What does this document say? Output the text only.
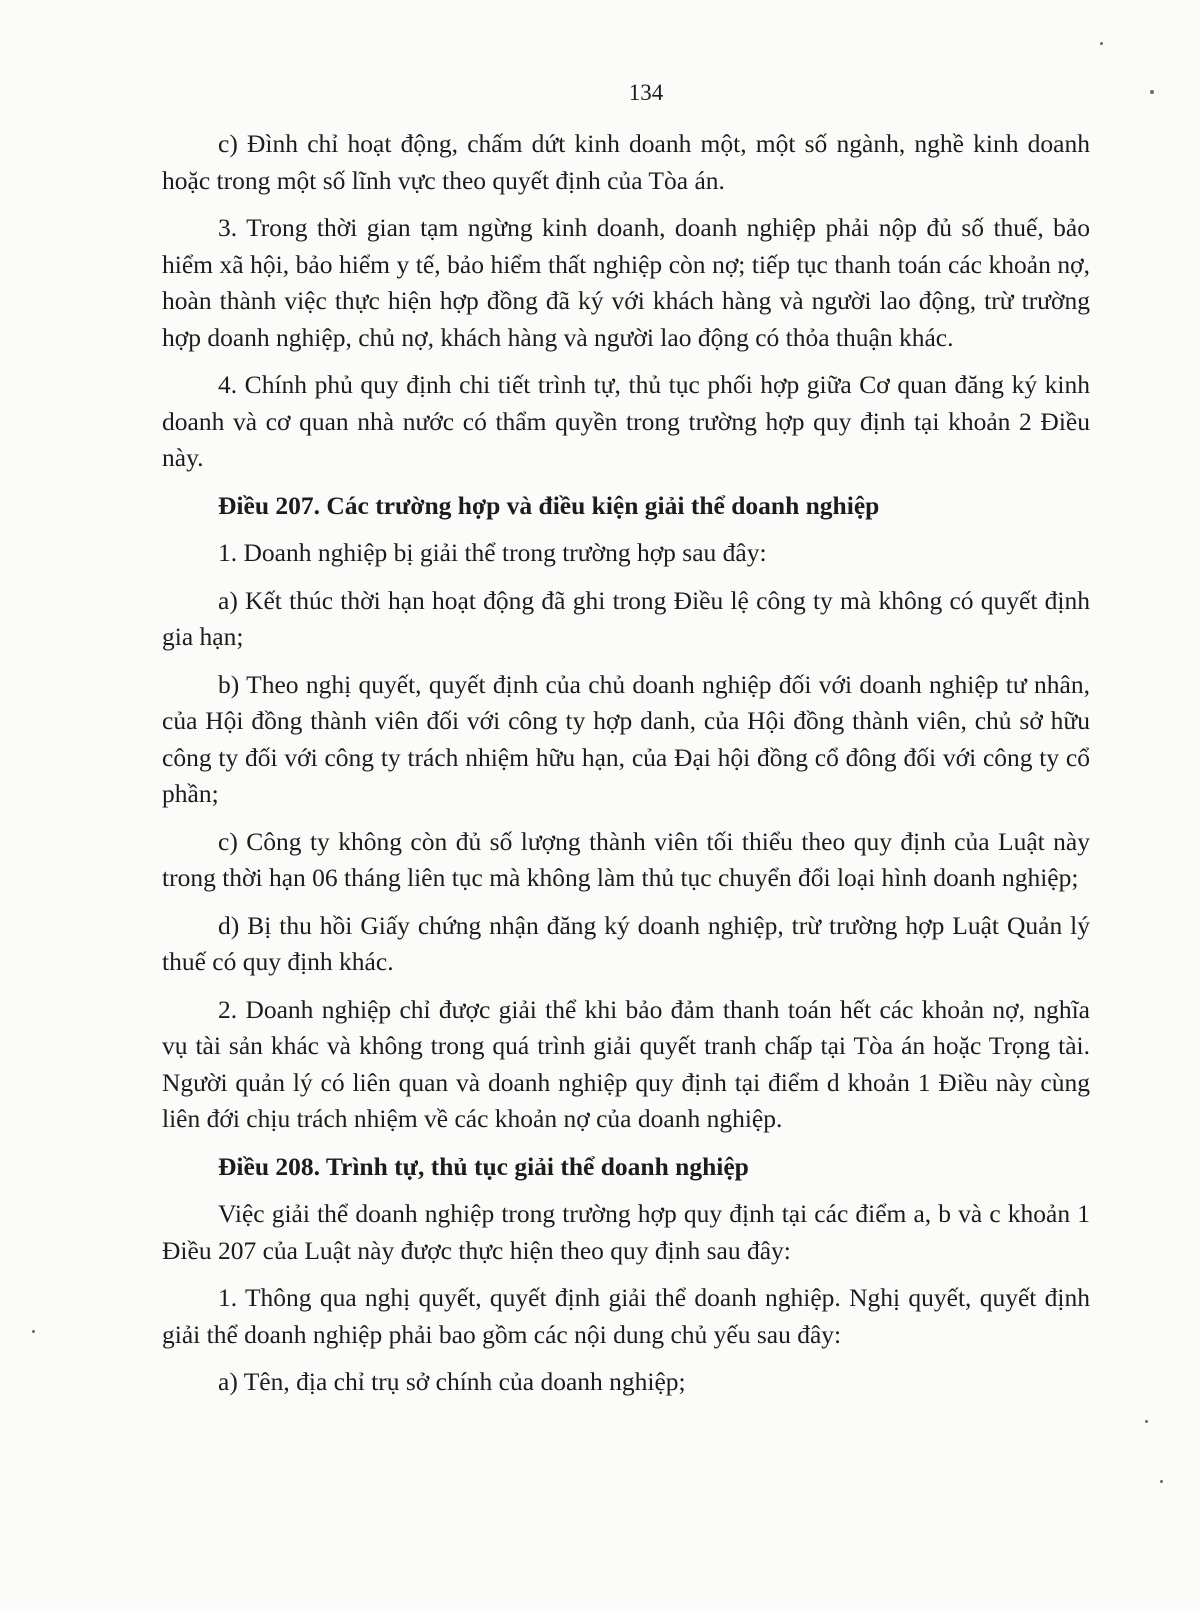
134

c) Đình chỉ hoạt động, chấm dứt kinh doanh một, một số ngành, nghề kinh doanh hoặc trong một số lĩnh vực theo quyết định của Tòa án.

3. Trong thời gian tạm ngừng kinh doanh, doanh nghiệp phải nộp đủ số thuế, bảo hiểm xã hội, bảo hiểm y tế, bảo hiểm thất nghiệp còn nợ; tiếp tục thanh toán các khoản nợ, hoàn thành việc thực hiện hợp đồng đã ký với khách hàng và người lao động, trừ trường hợp doanh nghiệp, chủ nợ, khách hàng và người lao động có thỏa thuận khác.

4. Chính phủ quy định chi tiết trình tự, thủ tục phối hợp giữa Cơ quan đăng ký kinh doanh và cơ quan nhà nước có thẩm quyền trong trường hợp quy định tại khoản 2 Điều này.

Điều 207. Các trường hợp và điều kiện giải thể doanh nghiệp

1. Doanh nghiệp bị giải thể trong trường hợp sau đây:

a) Kết thúc thời hạn hoạt động đã ghi trong Điều lệ công ty mà không có quyết định gia hạn;

b) Theo nghị quyết, quyết định của chủ doanh nghiệp đối với doanh nghiệp tư nhân, của Hội đồng thành viên đối với công ty hợp danh, của Hội đồng thành viên, chủ sở hữu công ty đối với công ty trách nhiệm hữu hạn, của Đại hội đồng cổ đông đối với công ty cổ phần;

c) Công ty không còn đủ số lượng thành viên tối thiểu theo quy định của Luật này trong thời hạn 06 tháng liên tục mà không làm thủ tục chuyển đổi loại hình doanh nghiệp;

d) Bị thu hồi Giấy chứng nhận đăng ký doanh nghiệp, trừ trường hợp Luật Quản lý thuế có quy định khác.

2. Doanh nghiệp chỉ được giải thể khi bảo đảm thanh toán hết các khoản nợ, nghĩa vụ tài sản khác và không trong quá trình giải quyết tranh chấp tại Tòa án hoặc Trọng tài. Người quản lý có liên quan và doanh nghiệp quy định tại điểm d khoản 1 Điều này cùng liên đới chịu trách nhiệm về các khoản nợ của doanh nghiệp.

Điều 208. Trình tự, thủ tục giải thể doanh nghiệp

Việc giải thể doanh nghiệp trong trường hợp quy định tại các điểm a, b và c khoản 1 Điều 207 của Luật này được thực hiện theo quy định sau đây:

1. Thông qua nghị quyết, quyết định giải thể doanh nghiệp. Nghị quyết, quyết định giải thể doanh nghiệp phải bao gồm các nội dung chủ yếu sau đây:

a) Tên, địa chỉ trụ sở chính của doanh nghiệp;
